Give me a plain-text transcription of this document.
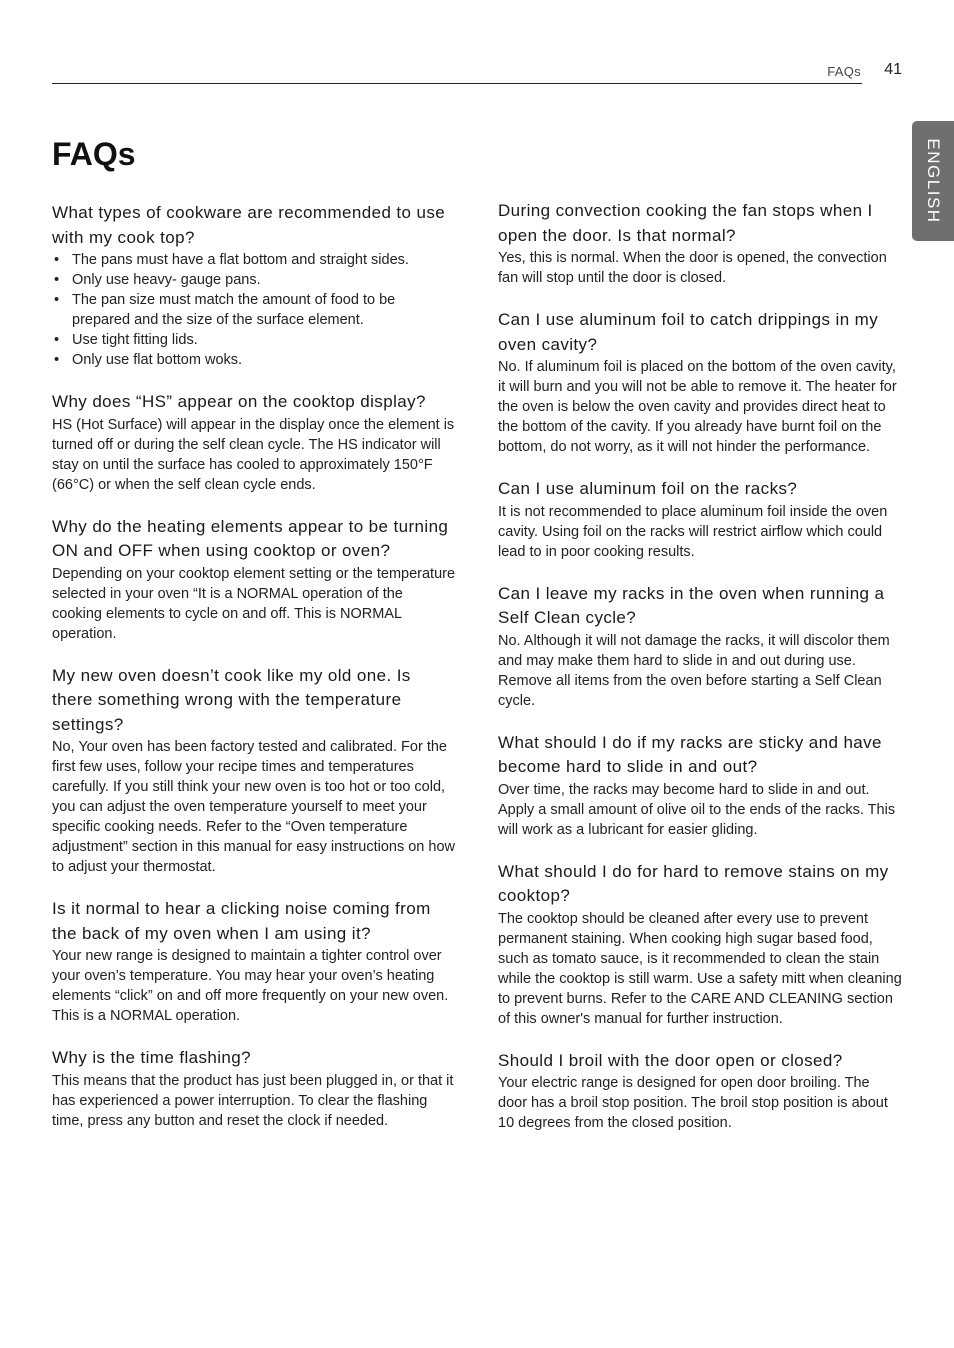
FAQs	41
ENGLISH
FAQs
What types of cookware are recommended to use with my cook top?
• The pans must have a flat bottom and straight sides.
• Only use heavy- gauge pans.
• The pan size must match the amount of food to be prepared and the size of the surface element.
• Use tight fitting lids.
• Only use flat bottom woks.
Why does “HS” appear on the cooktop display?

HS (Hot Surface) will appear in the display once the element is turned off or during the self clean cycle. The HS indicator will stay on until the surface has cooled to approximately 150°F (66°C) or when the self clean cycle ends.

Why do the heating elements appear to be turning ON and OFF when using cooktop or oven?

Depending on your cooktop element setting or the temperature selected in your oven “It is a NORMAL operation of the cooking elements to cycle on and off. This is NORMAL operation.

My new oven doesn’t cook like my old one. Is there something wrong with the temperature settings?

No, Your oven has been factory tested and calibrated. For the first few uses, follow your recipe times and temperatures carefully. If you still think your new oven is too hot or too cold, you can adjust the oven temperature yourself to meet your specific cooking needs. Refer to the “Oven temperature adjustment” section in this manual for easy instructions on how to adjust your thermostat.

Is it normal to hear a clicking noise coming from the back of my oven when I am using it?

Your new range is designed to maintain a tighter control over your oven’s temperature. You may hear your oven’s heating elements “click” on and off more frequently on your new oven. This is a NORMAL operation.

Why is the time flashing?

This means that the product has just been plugged in, or that it has experienced a power interruption. To clear the flashing time, press any button and reset the clock if needed.

During convection cooking the fan stops when I open the door. Is that normal?

Yes, this is normal. When the door is opened, the convection fan will stop until the door is closed.

Can I use aluminum foil to catch drippings in my oven cavity?

No. If aluminum foil is placed on the bottom of the oven cavity, it will burn and you will not be able to remove it. The heater for the oven is below the oven cavity and provides direct heat to the bottom of the cavity. If you already have burnt foil on the bottom, do not worry, as it will not hinder the performance.

Can I use aluminum foil on the racks?

It is not recommended to place aluminum foil inside the oven cavity. Using foil on the racks will restrict airflow which could lead to in poor cooking results.

Can I leave my racks in the oven when running a Self Clean cycle?

No. Although it will not damage the racks, it will discolor them and may make them hard to slide in and out during use. Remove all items from the oven before starting a Self Clean cycle.

What should I do if my racks are sticky and have become hard to slide in and out?

Over time, the racks may become hard to slide in and out. Apply a small amount of olive oil to the ends of the racks. This will work as a lubricant for easier gliding.

What should I do for hard to remove stains on my cooktop?

The cooktop should be cleaned after every use to prevent permanent staining. When cooking high sugar based food, such as tomato sauce, is it recommended to clean the stain while the cooktop is still warm. Use a safety mitt when cleaning to prevent burns. Refer to the CARE AND CLEANING section of this owner's manual for further instruction.

Should I broil with the door open or closed?

Your electric range is designed for open door broiling. The door has a broil stop position. The broil stop position is about 10 degrees from the closed position.
